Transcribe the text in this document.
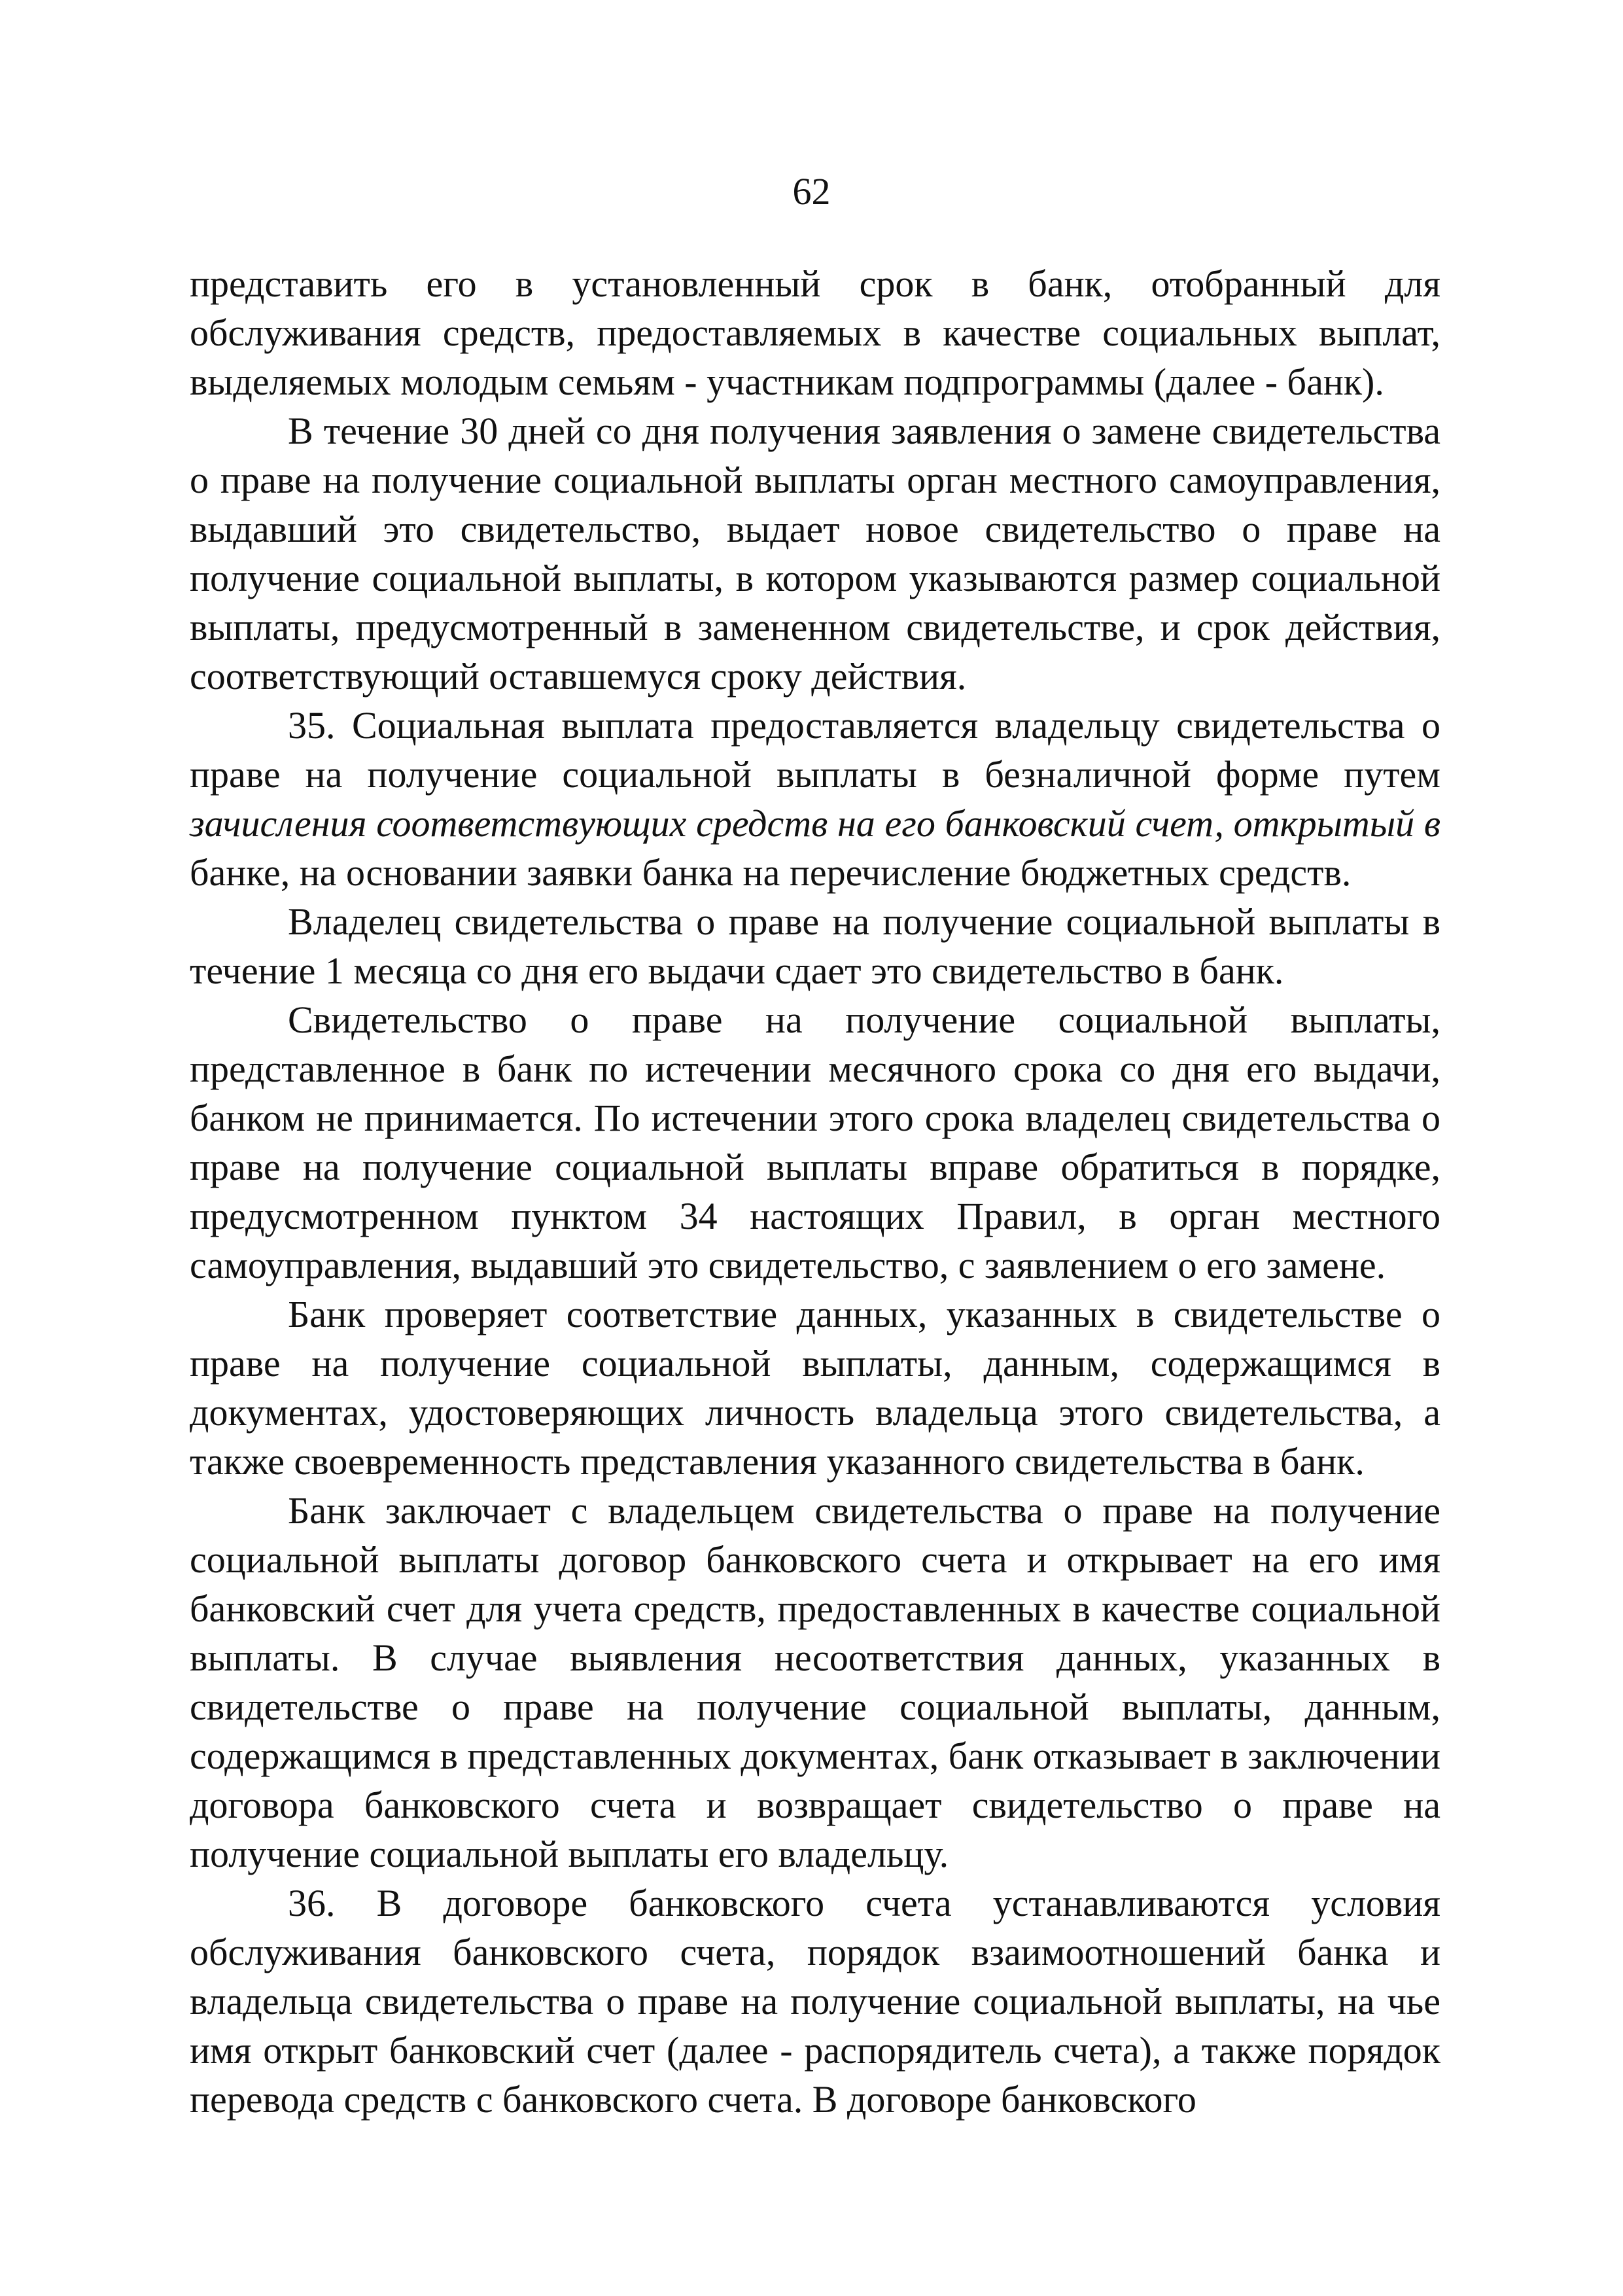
62

представить его в установленный срок в банк, отобранный для обслуживания средств, предоставляемых в качестве социальных выплат, выделяемых молодым семьям - участникам подпрограммы (далее - банк).

В течение 30 дней со дня получения заявления о замене свидетельства о праве на получение социальной выплаты орган местного самоуправления, выдавший это свидетельство, выдает новое свидетельство о праве на получение социальной выплаты, в котором указываются размер социальной выплаты, предусмотренный в замененном свидетельстве, и срок действия, соответствующий оставшемуся сроку действия.

35. Социальная выплата предоставляется владельцу свидетельства о праве на получение социальной выплаты в безналичной форме путем зачисления соответствующих средств на его банковский счет, открытый в банке, на основании заявки банка на перечисление бюджетных средств.

Владелец свидетельства о праве на получение социальной выплаты в течение 1 месяца со дня его выдачи сдает это свидетельство в банк.

Свидетельство о праве на получение социальной выплаты, представленное в банк по истечении месячного срока со дня его выдачи, банком не принимается. По истечении этого срока владелец свидетельства о праве на получение социальной выплаты вправе обратиться в порядке, предусмотренном пунктом 34 настоящих Правил, в орган местного самоуправления, выдавший это свидетельство, с заявлением о его замене.

Банк проверяет соответствие данных, указанных в свидетельстве о праве на получение социальной выплаты, данным, содержащимся в документах, удостоверяющих личность владельца этого свидетельства, а также своевременность представления указанного свидетельства в банк.

Банк заключает с владельцем свидетельства о праве на получение социальной выплаты договор банковского счета и открывает на его имя банковский счет для учета средств, предоставленных в качестве социальной выплаты. В случае выявления несоответствия данных, указанных в свидетельстве о праве на получение социальной выплаты, данным, содержащимся в представленных документах, банк отказывает в заключении договора банковского счета и возвращает свидетельство о праве на получение социальной выплаты его владельцу.

36. В договоре банковского счета устанавливаются условия обслуживания банковского счета, порядок взаимоотношений банка и владельца свидетельства о праве на получение социальной выплаты, на чье имя открыт банковский счет (далее - распорядитель счета), а также порядок перевода средств с банковского счета. В договоре банковского
